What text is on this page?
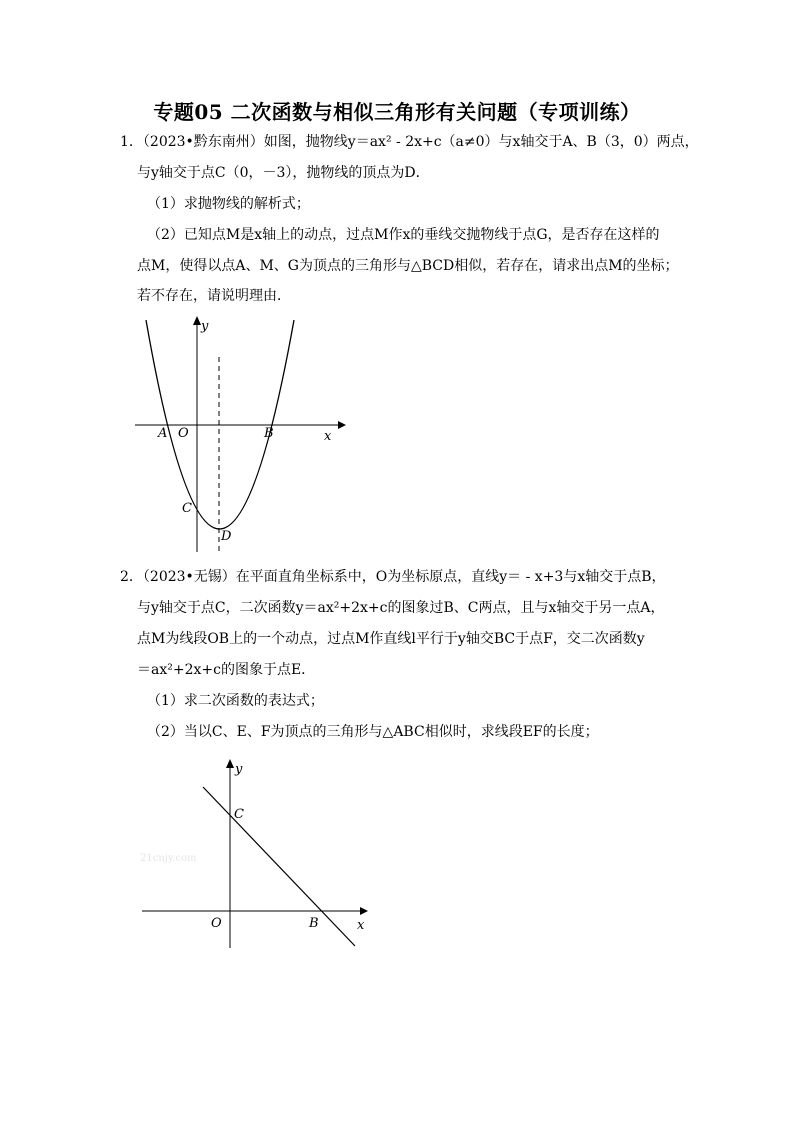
专题05 二次函数与相似三角形有关问题（专项训练）
1．（2023•黔东南州）如图，抛物线y＝ax² - 2x+c（a≠0）与x轴交于A、B（3，0）两点，
与y轴交于点C（0，－3），抛物线的顶点为D．
（1）求抛物线的解析式；
（2）已知点M是x轴上的动点，过点M作x的垂线交抛物线于点G，是否存在这样的
点M，使得以点A、M、G为顶点的三角形与△BCD相似，若存在，请求出点M的坐标；
若不存在，请说明理由．
y
x
A O	B
C
D
2．（2023•无锡）在平面直角坐标系中，O为坐标原点，直线y＝ - x+3与x轴交于点B，
与y轴交于点C，二次函数y＝ax²+2x+c的图象过B、C两点，且与x轴交于另一点A，
点M为线段OB上的一个动点，过点M作直线l平行于y轴交BC于点F，交二次函数y
＝ax²+2x+c的图象于点E．
（1）求二次函数的表达式；
（2）当以C、E、F为顶点的三角形与△ABC相似时，求线段EF的长度；
21cnjy.com
y
x
C
O	B
